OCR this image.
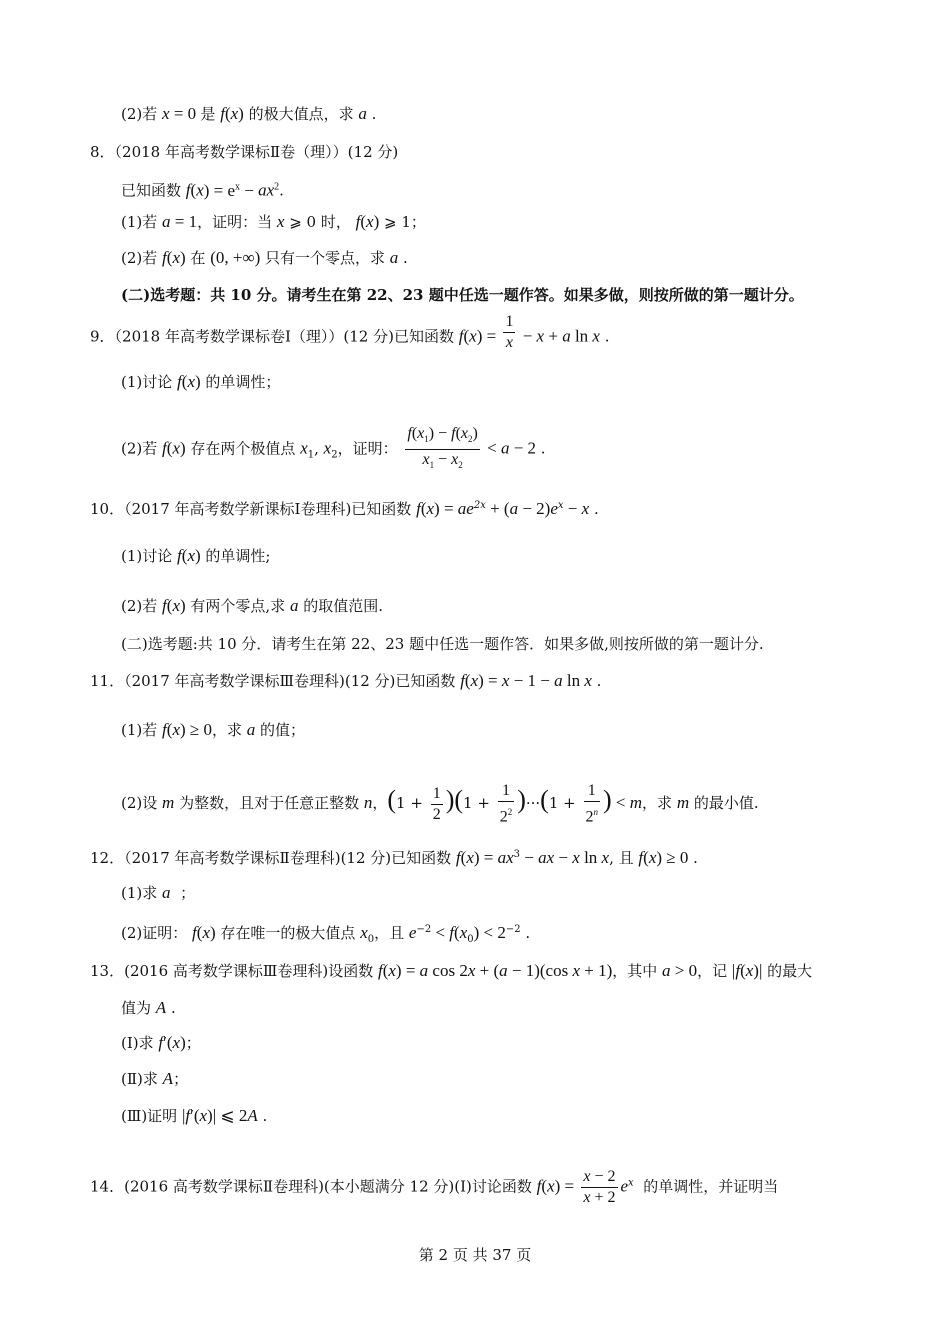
(2)若 x = 0 是 f(x) 的极大值点，求 a .
8．（2018 年高考数学课标Ⅱ卷（理））(12 分)
已知函数 $f(x) = e^x - ax^2$.
(1)若 a = 1，证明：当 x ⩾ 0 时， f(x) ⩾ 1；
(2)若 f(x) 在 (0, +∞) 只有一个零点，求 a .
(二)选考题：共 10 分。请考生在第 22、23 题中任选一题作答。如果多做，则按所做的第一题计分。
9．（2018 年高考数学课标卷Ⅰ（理））(12 分)已知函数 $f(x) = \frac{1}{x} - x + a$ ln x .
(1)讨论 f(x) 的单调性；
(2)若 f(x) 存在两个极值点 $x_1$, $x_2$，证明： $\frac{f(x_1) - f(x_2)}{x_1 - x_2} < a - 2$ .
10．（2017 年高考数学新课标Ⅰ卷理科)已知函数 $f(x) = ae^{2x} + (a - 2)e^x - x$ .
(1)讨论 f(x) 的单调性;
(2)若 f(x) 有两个零点,求 a 的取值范围.
(二)选考题:共 10 分．请考生在第 22、23 题中任选一题作答．如果多做,则按所做的第一题计分.
11．（2017 年高考数学课标Ⅲ卷理科)(12 分)已知函数 f(x) = x − 1 − a ln x .
(1)若 f(x) ≥ 0，求 a 的值；
(2)设 m 为整数，且对于任意正整数 n，$(1 + \frac{1}{2} )(1 + \frac{1}{2^2} )\cdot\cdot\cdot(1 + \frac{1}{2^n}$ ) < m，求 m 的最小值.
12．（2017 年高考数学课标Ⅱ卷理科)(12 分)已知函数 $f(x) = ax^3$ − ax − x ln x, 且 f(x) ≥ 0 .
(1)求 a  ；
(2)证明： f(x) 存在唯一的极大值点 $x_0$，且 $e^{-2} < f(x_0) < 2^{-2}$ .
13．(2016 高考数学课标Ⅲ卷理科)设函数 f(x) = a cos 2x + (a − 1)(cos x + 1)，其中 a > 0，记 |f(x)| 的最大
值为 A .
(Ⅰ)求 f′(x)；
(Ⅱ)求 A；
(Ⅲ)证明 |f′(x)| ⩽ 2A .
14．(2016 高考数学课标Ⅱ卷理科)(本小题满分 12 分)(Ⅰ)讨论函数 $f(x) = \frac{x - 2}{x + 2} e^x$  的单调性，并证明当
第 2 页 共 37 页
